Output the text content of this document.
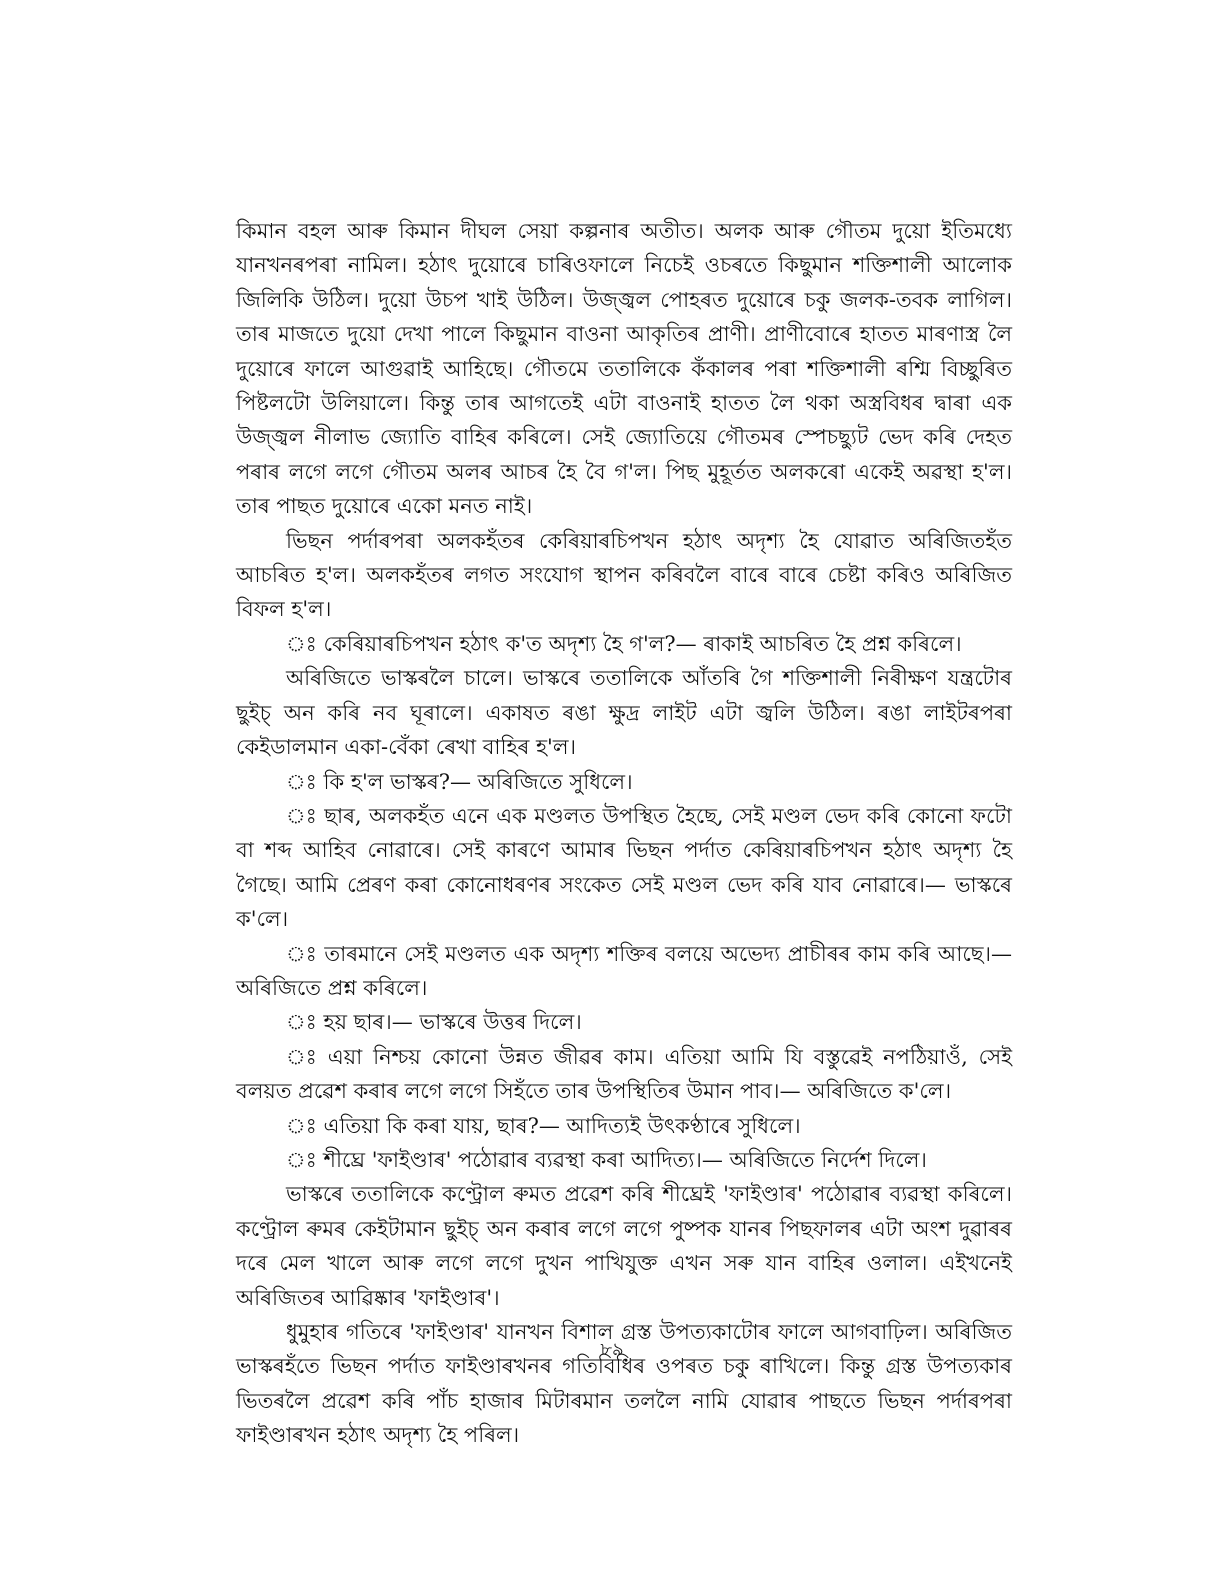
কিমান বহল আৰু কিমান দীঘল সেয়া কল্পনাৰ অতীত। অলক আৰু গৌতম দুয়ো ইতিমধ্যে যানখনৰপৰা নামিল। হঠাৎ দুয়োৰে চাৰিওফালে নিচেই ওচৰতে কিছুমান শক্তিশালী আলোক জিলিকি উঠিল। দুয়ো উচপ খাই উঠিল। উজ্জ্বল পোহৰত দুয়োৰে চকু জলক-তবক লাগিল। তাৰ মাজতে দুয়ো দেখা পালে কিছুমান বাওনা আকৃতিৰ প্ৰাণী। প্ৰাণীবোৰে হাতত মাৰণাস্ত্ৰ লৈ দুয়োৰে ফালে আগুৱাই আহিছে। গৌতমে ততালিকে কঁকালৰ পৰা শক্তিশালী ৰশ্মি বিচ্ছুৰিত পিষ্টলটো উলিয়ালে। কিন্তু তাৰ আগতেই এটা বাওনাই হাতত লৈ থকা অস্ত্ৰবিধৰ দ্বাৰা এক উজ্জ্বল নীলাভ জ্যোতি বাহিৰ কৰিলে। সেই জ্যোতিয়ে গৌতমৰ স্পেচছ্যুট ভেদ কৰি দেহত পৰাৰ লগে লগে গৌতম অলৰ আচৰ হৈ বৈ গ'ল। পিছ মুহূৰ্তত অলকৰো একেই অৱস্থা হ'ল। তাৰ পাছত দুয়োৰে একো মনত নাই।

ভিছন পৰ্দাৰপৰা অলকহঁতৰ কেৰিয়াৰচিপখন হঠাৎ অদৃশ্য হৈ যোৱাত অৰিজিতহঁত আচৰিত হ'ল। অলকহঁতৰ লগত সংযোগ স্থাপন কৰিবলৈ বাৰে বাৰে চেষ্টা কৰিও অৰিজিত বিফল হ'ল।

ঃ কেৰিয়াৰচিপখন হঠাৎ ক'ত অদৃশ্য হৈ গ'ল?— ৰাকাই আচৰিত হৈ প্ৰশ্ন কৰিলে।

অৰিজিতে ভাস্কৰলৈ চালে। ভাস্কৰে ততালিকে আঁতৰি গৈ শক্তিশালী নিৰীক্ষণ যন্ত্ৰটোৰ ছুইচ্ অন কৰি নব ঘূৰালে। একাষত ৰঙা ক্ষুদ্ৰ লাইট এটা জ্বলি উঠিল। ৰঙা লাইটৰপৰা কেইডালমান একা-বেঁকা ৰেখা বাহিৰ হ'ল।

ঃ কি হ'ল ভাস্কৰ?— অৰিজিতে সুধিলে।

ঃ ছাৰ, অলকহঁত এনে এক মণ্ডলত উপস্থিত হৈছে, সেই মণ্ডল ভেদ কৰি কোনো ফটো বা শব্দ আহিব নোৱাৰে। সেই কাৰণে আমাৰ ভিছন পৰ্দাত কেৰিয়াৰচিপখন হঠাৎ অদৃশ্য হৈ গৈছে। আমি প্ৰেৰণ কৰা কোনোধৰণৰ সংকেত সেই মণ্ডল ভেদ কৰি যাব নোৱাৰে।— ভাস্কৰে ক'লে।

ঃ তাৰমানে সেই মণ্ডলত এক অদৃশ্য শক্তিৰ বলয়ে অভেদ্য প্ৰাচীৰৰ কাম কৰি আছে।— অৰিজিতে প্ৰশ্ন কৰিলে।

ঃ হয় ছাৰ।— ভাস্কৰে উত্তৰ দিলে।

ঃ এয়া নিশ্চয় কোনো উন্নত জীৱৰ কাম। এতিয়া আমি যি বস্তুৱেই নপঠিয়াওঁ, সেই বলয়ত প্ৰৱেশ কৰাৰ লগে লগে সিহঁতে তাৰ উপস্থিতিৰ উমান পাব।— অৰিজিতে ক'লে।

ঃ এতিয়া কি কৰা যায়, ছাৰ?— আদিত্যই উৎকণ্ঠাৰে সুধিলে।

ঃ শীঘ্ৰে 'ফাইণ্ডাৰ' পঠোৱাৰ ব্যৱস্থা কৰা আদিত্য।— অৰিজিতে নিৰ্দেশ দিলে।

ভাস্কৰে ততালিকে কণ্ট্ৰোল ৰুমত প্ৰৱেশ কৰি শীঘ্ৰেই 'ফাইণ্ডাৰ' পঠোৱাৰ ব্যৱস্থা কৰিলে। কণ্ট্ৰোল ৰুমৰ কেইটামান ছুইচ্ অন কৰাৰ লগে লগে পুষ্পক যানৰ পিছফালৰ এটা অংশ দুৱাৰৰ দৰে মেল খালে আৰু লগে লগে দুখন পাখিযুক্ত এখন সৰু যান বাহিৰ ওলাল। এইখনেই অৰিজিতৰ আৱিষ্কাৰ 'ফাইণ্ডাৰ'।

ধুমুহাৰ গতিৰে 'ফাইণ্ডাৰ' যানখন বিশাল গ্ৰস্ত উপত্যকাটোৰ ফালে আগবাঢ়িল। অৰিজিত ভাস্কৰহঁতে ভিছন পৰ্দাত ফাইণ্ডাৰখনৰ গতিবিধিৰ ওপৰত চকু ৰাখিলে। কিন্তু গ্ৰস্ত উপত্যকাৰ ভিতৰলৈ প্ৰৱেশ কৰি পাঁচ হাজাৰ মিটাৰমান তললৈ নামি যোৱাৰ পাছতে ভিছন পৰ্দাৰপৰা ফাইণ্ডাৰখন হঠাৎ অদৃশ্য হৈ পৰিল।

৮৯
